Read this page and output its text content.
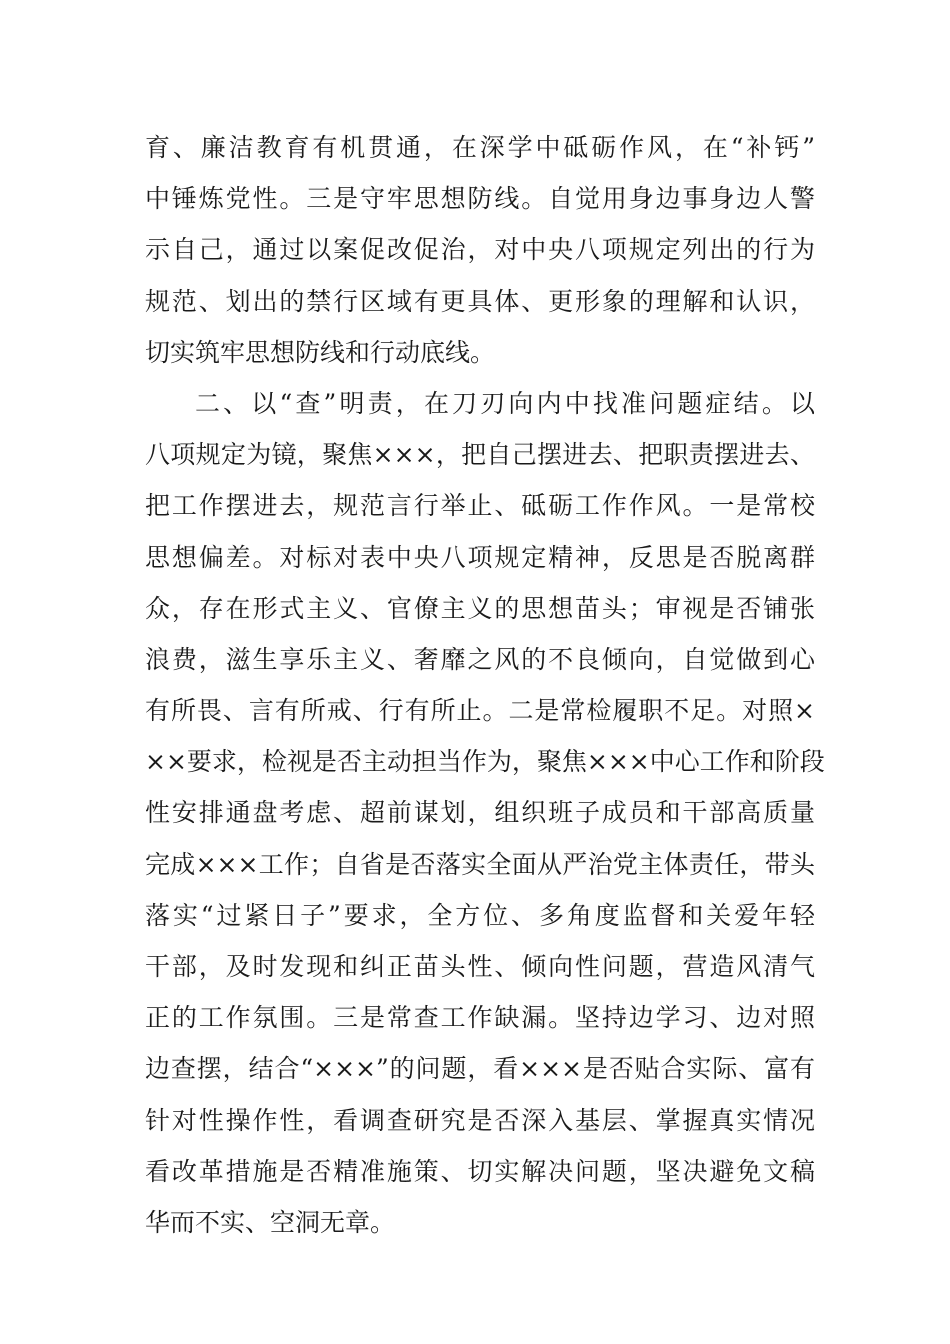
育、廉洁教育有机贯通，在深学中砥砺作风，在“补钙”
中锤炼党性。三是守牢思想防线。自觉用身边事身边人警
示自己，通过以案促改促治，对中央八项规定列出的行为
规范、划出的禁行区域有更具体、更形象的理解和认识，
切实筑牢思想防线和行动底线。
二、以“查”明责，在刀刃向内中找准问题症结。以
八项规定为镜，聚焦×××，把自己摆进去、把职责摆进去、
把工作摆进去，规范言行举止、砥砺工作作风。一是常校
思想偏差。对标对表中央八项规定精神，反思是否脱离群
众，存在形式主义、官僚主义的思想苗头；审视是否铺张
浪费，滋生享乐主义、奢靡之风的不良倾向，自觉做到心
有所畏、言有所戒、行有所止。二是常检履职不足。对照×
××要求，检视是否主动担当作为，聚焦×××中心工作和阶段
性安排通盘考虑、超前谋划，组织班子成员和干部高质量
完成×××工作；自省是否落实全面从严治党主体责任，带头
落实“过紧日子”要求，全方位、多角度监督和关爱年轻
干部，及时发现和纠正苗头性、倾向性问题，营造风清气
正的工作氛围。三是常查工作缺漏。坚持边学习、边对照
边查摆，结合“×××”的问题，看×××是否贴合实际、富有
针对性操作性，看调查研究是否深入基层、掌握真实情况
看改革措施是否精准施策、切实解决问题，坚决避免文稿
华而不实、空洞无章。
